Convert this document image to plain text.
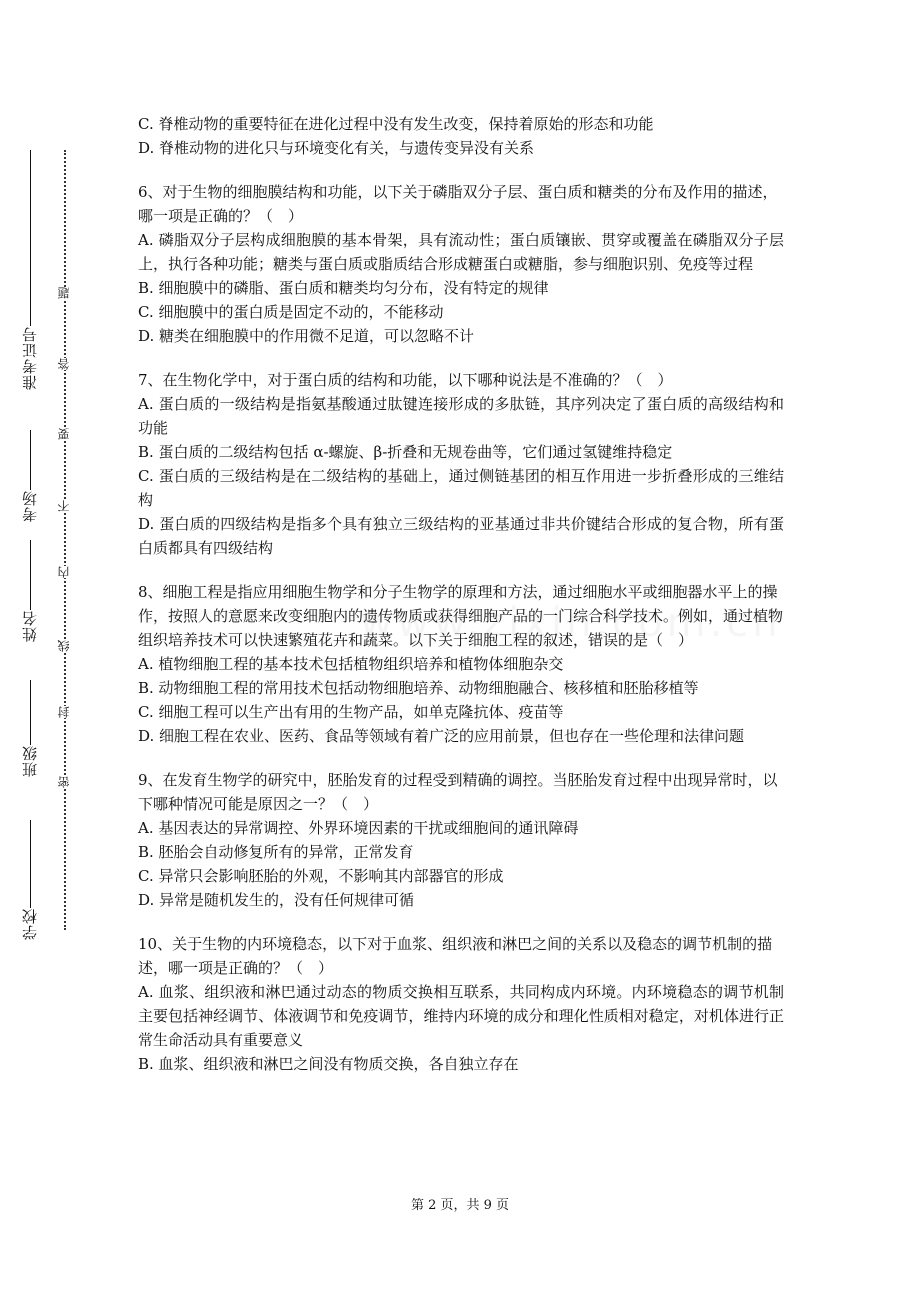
准考证号
考场
姓名
班级
学校
题
答
要
不
内
线
封
密

C. 脊椎动物的重要特征在进化过程中没有发生改变，保持着原始的形态和功能

D. 脊椎动物的进化只与环境变化有关，与遗传变异没有关系

6、对于生物的细胞膜结构和功能，以下关于磷脂双分子层、蛋白质和糖类的分布及作用的描述，哪一项是正确的？（　）

A. 磷脂双分子层构成细胞膜的基本骨架，具有流动性；蛋白质镶嵌、贯穿或覆盖在磷脂双分子层上，执行各种功能；糖类与蛋白质或脂质结合形成糖蛋白或糖脂，参与细胞识别、免疫等过程

B. 细胞膜中的磷脂、蛋白质和糖类均匀分布，没有特定的规律

C. 细胞膜中的蛋白质是固定不动的，不能移动

D. 糖类在细胞膜中的作用微不足道，可以忽略不计

7、在生物化学中，对于蛋白质的结构和功能，以下哪种说法是不准确的？（　）

A. 蛋白质的一级结构是指氨基酸通过肽键连接形成的多肽链，其序列决定了蛋白质的高级结构和功能

B. 蛋白质的二级结构包括 α-螺旋、β-折叠和无规卷曲等，它们通过氢键维持稳定

C. 蛋白质的三级结构是在二级结构的基础上，通过侧链基团的相互作用进一步折叠形成的三维结构

D. 蛋白质的四级结构是指多个具有独立三级结构的亚基通过非共价键结合形成的复合物，所有蛋白质都具有四级结构

8、细胞工程是指应用细胞生物学和分子生物学的原理和方法，通过细胞水平或细胞器水平上的操作，按照人的意愿来改变细胞内的遗传物质或获得细胞产品的一门综合科学技术。例如，通过植物组织培养技术可以快速繁殖花卉和蔬菜。以下关于细胞工程的叙述，错误的是（　）

A. 植物细胞工程的基本技术包括植物组织培养和植物体细胞杂交

B. 动物细胞工程的常用技术包括动物细胞培养、动物细胞融合、核移植和胚胎移植等

C. 细胞工程可以生产出有用的生物产品，如单克隆抗体、疫苗等

D. 细胞工程在农业、医药、食品等领域有着广泛的应用前景，但也存在一些伦理和法律问题

9、在发育生物学的研究中，胚胎发育的过程受到精确的调控。当胚胎发育过程中出现异常时，以下哪种情况可能是原因之一？（　）

A. 基因表达的异常调控、外界环境因素的干扰或细胞间的通讯障碍

B. 胚胎会自动修复所有的异常，正常发育

C. 异常只会影响胚胎的外观，不影响其内部器官的形成

D. 异常是随机发生的，没有任何规律可循

10、关于生物的内环境稳态，以下对于血浆、组织液和淋巴之间的关系以及稳态的调节机制的描述，哪一项是正确的？（　）

A. 血浆、组织液和淋巴通过动态的物质交换相互联系，共同构成内环境。内环境稳态的调节机制主要包括神经调节、体液调节和免疫调节，维持内环境的成分和理化性质相对稳定，对机体进行正常生命活动具有重要意义

B. 血浆、组织液和淋巴之间没有物质交换，各自独立存在

第 2 页，共 9 页
